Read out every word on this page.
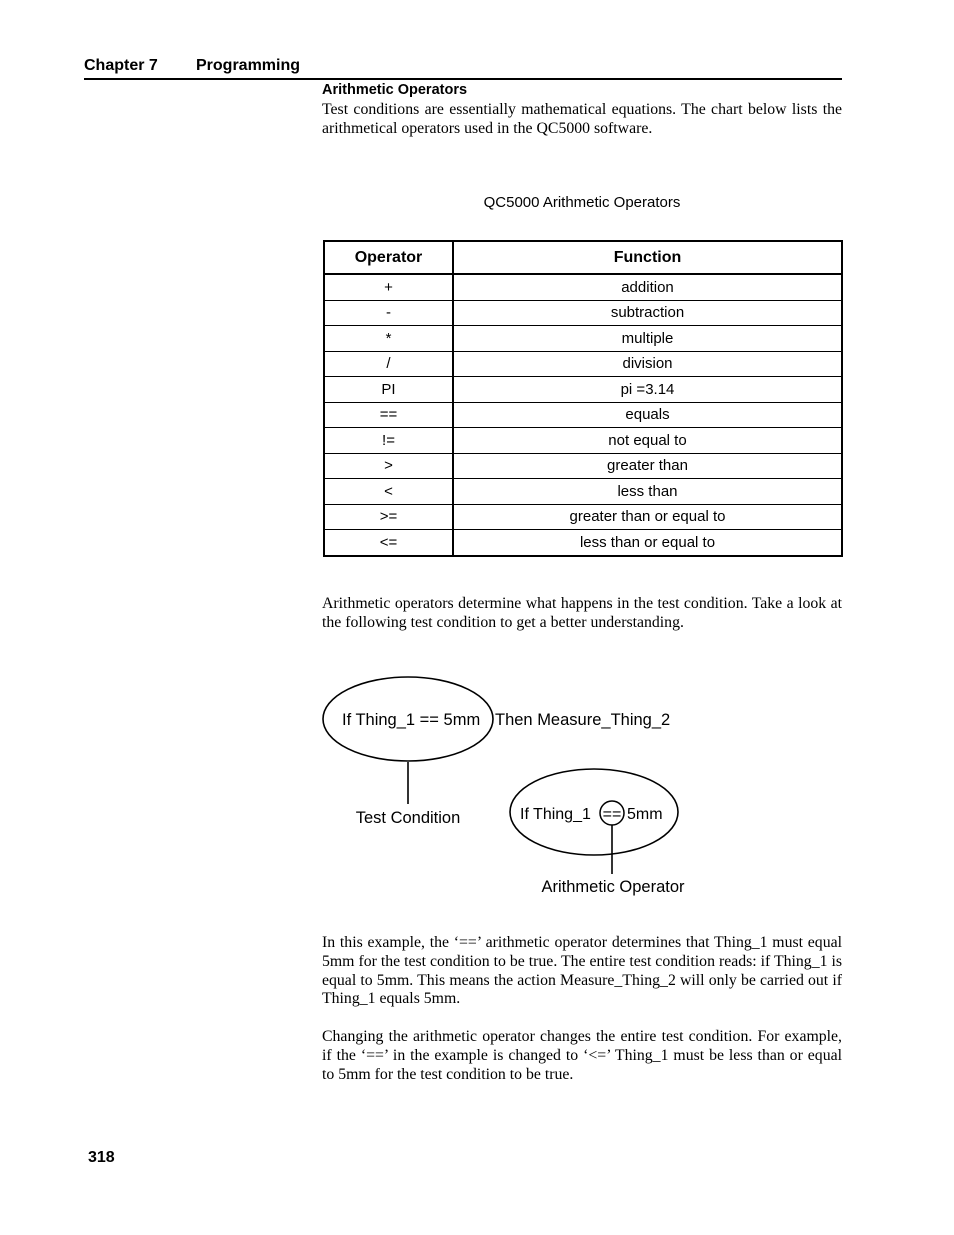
Chapter 7 Programming
Arithmetic Operators

Test conditions are essentially mathematical equations. The chart below lists the arithmetical operators used in the QC5000 software.

QC5000 Arithmetic Operators
Operator	Function
+	addition
-	subtraction
*	multiple
/	division
PI	pi =3.14
==	equals
!=	not equal to
>	greater than
<	less than
>=	greater than or equal to
<=	less than or equal to

Arithmetic operators determine what happens in the test condition. Take a look at the following test condition to get a better understanding.

If Thing_1 == 5mm Then Measure_Thing_2
Test Condition	If Thing_1 == 5mm
Arithmetic Operator

In this example, the ‘==’ arithmetic operator determines that Thing_1 must equal 5mm for the test condition to be true. The entire test condition reads: if Thing_1 is equal to 5mm. This means the action Measure_Thing_2 will only be carried out if Thing_1 equals 5mm.

Changing the arithmetic operator changes the entire test condition. For example, if the ‘==’ in the example is changed to ‘<=’ Thing_1 must be less than or equal to 5mm for the test condition to be true.

318
